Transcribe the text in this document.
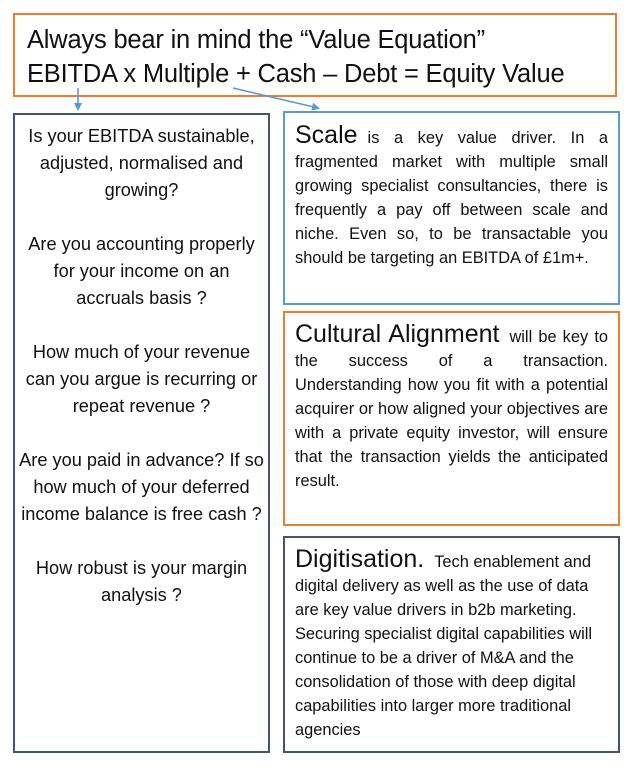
Always bear in mind the “Value Equation”
EBITDA x Multiple + Cash – Debt = Equity Value

Is your EBITDA sustainable, adjusted, normalised and growing?

Are you accounting properly for your income on an accruals basis ?

How much of your revenue can you argue is recurring or repeat revenue ?

Are you paid in advance? If so how much of your deferred income balance is free cash ?

How robust is your margin analysis ?

Scale is a key value driver. In a fragmented market with multiple small growing specialist consultancies, there is frequently a pay off between scale and niche. Even so, to be transactable you should be targeting an EBITDA of £1m+.

Cultural Alignment will be key to the success of a transaction. Understanding how you fit with a potential acquirer or how aligned your objectives are with a private equity investor, will ensure that the transaction yields the anticipated result.

Digitisation. Tech enablement and digital delivery as well as the use of data are key value drivers in b2b marketing. Securing specialist digital capabilities will continue to be a driver of M&A and the consolidation of those with deep digital capabilities into larger more traditional agencies
